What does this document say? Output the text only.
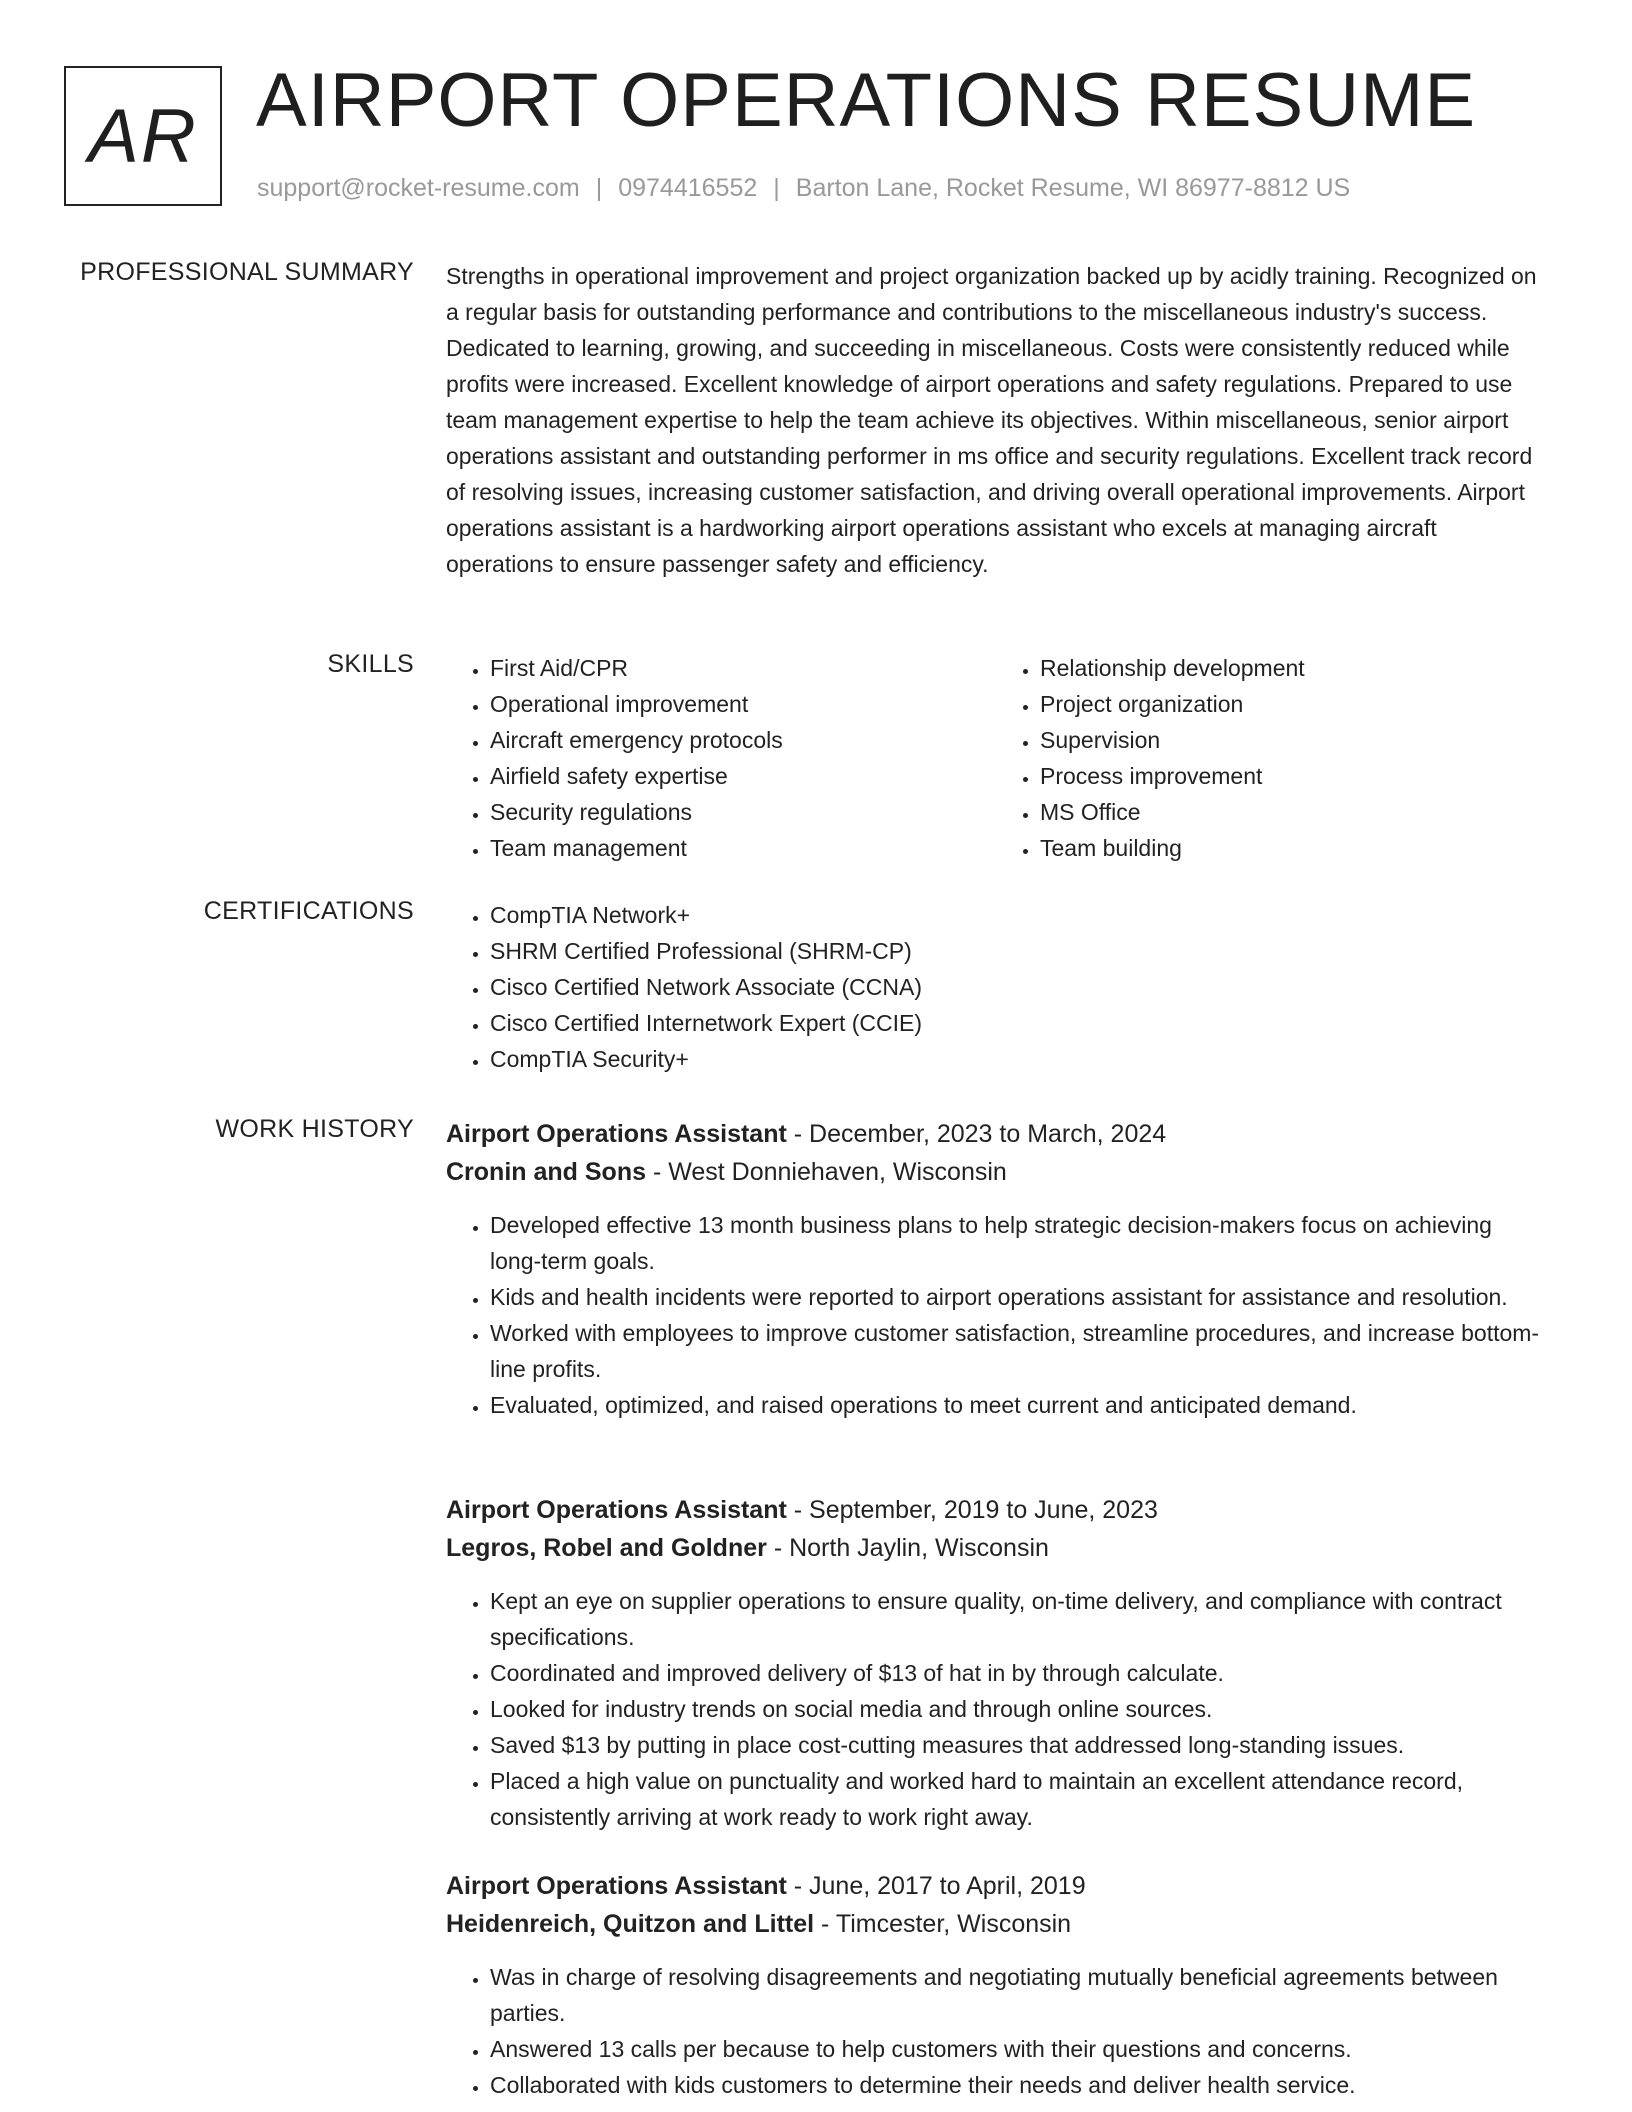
AR AIRPORT OPERATIONS RESUME
support@rocket-resume.com | 0974416552 | Barton Lane, Rocket Resume, WI 86977-8812 US
PROFESSIONAL SUMMARY Strengths in operational improvement and project organization backed up by acidly training. Recognized on a regular basis for outstanding performance and contributions to the miscellaneous industry's success. Dedicated to learning, growing, and succeeding in miscellaneous. Costs were consistently reduced while profits were increased. Excellent knowledge of airport operations and safety regulations. Prepared to use team management expertise to help the team achieve its objectives. Within miscellaneous, senior airport operations assistant and outstanding performer in ms office and security regulations. Excellent track record of resolving issues, increasing customer satisfaction, and driving overall operational improvements. Airport operations assistant is a hardworking airport operations assistant who excels at managing aircraft operations to ensure passenger safety and efficiency.
SKILLS	• First Aid/CPR
• Operational improvement
• Aircraft emergency protocols
• Airfield safety expertise
• Security regulations
• Team management
• Relationship development
• Project organization
• Supervision
• Process improvement
• MS Office
• Team building
CERTIFICATIONS	• CompTIA Network+
• SHRM Certified Professional (SHRM-CP)
• Cisco Certified Network Associate (CCNA)
• Cisco Certified Internetwork Expert (CCIE)
• CompTIA Security+
WORK HISTORY Airport Operations Assistant - December, 2023 to March, 2024
Cronin and Sons - West Donniehaven, Wisconsin
• Developed effective 13 month business plans to help strategic decision-makers focus on achieving long-term goals.
• Kids and health incidents were reported to airport operations assistant for assistance and resolution.
• Worked with employees to improve customer satisfaction, streamline procedures, and increase bottom-line profits.
• Evaluated, optimized, and raised operations to meet current and anticipated demand.
Airport Operations Assistant - September, 2019 to June, 2023
Legros, Robel and Goldner - North Jaylin, Wisconsin
• Kept an eye on supplier operations to ensure quality, on-time delivery, and compliance with contract specifications.
• Coordinated and improved delivery of $13 of hat in by through calculate.
• Looked for industry trends on social media and through online sources.
• Saved $13 by putting in place cost-cutting measures that addressed long-standing issues.
• Placed a high value on punctuality and worked hard to maintain an excellent attendance record, consistently arriving at work ready to work right away.
Airport Operations Assistant - June, 2017 to April, 2019
Heidenreich, Quitzon and Littel - Timcester, Wisconsin
• Was in charge of resolving disagreements and negotiating mutually beneficial agreements between parties.
• Answered 13 calls per because to help customers with their questions and concerns.
• Collaborated with kids customers to determine their needs and deliver health service.
